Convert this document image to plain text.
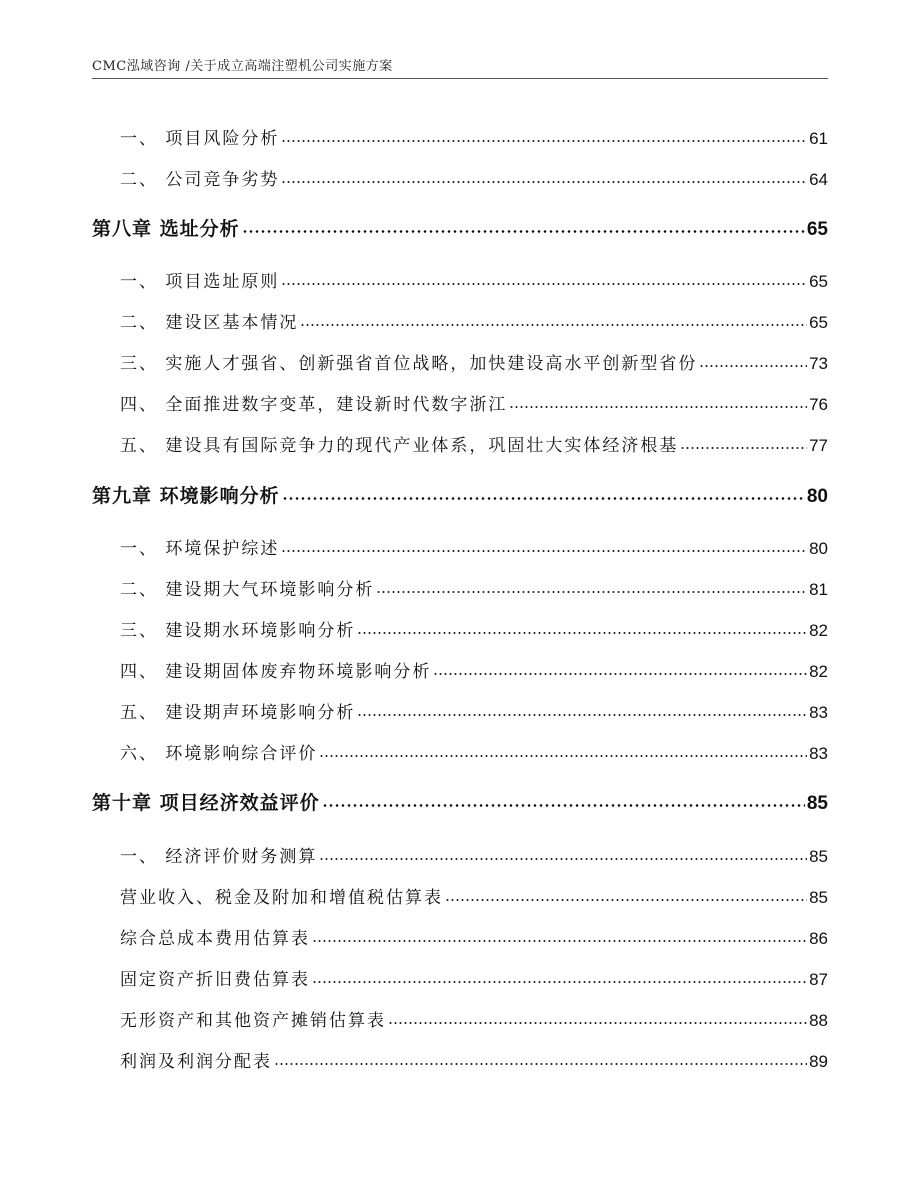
CMC泓域咨询 /关于成立高端注塑机公司实施方案
一、 项目风险分析	61
二、 公司竞争劣势	64
第八章 选址分析	65
一、 项目选址原则	65
二、 建设区基本情况	65
三、 实施人才强省、创新强省首位战略，加快建设高水平创新型省份	73
四、 全面推进数字变革，建设新时代数字浙江	76
五、 建设具有国际竞争力的现代产业体系，巩固壮大实体经济根基	77
第九章 环境影响分析	80
一、 环境保护综述	80
二、 建设期大气环境影响分析	81
三、 建设期水环境影响分析	82
四、 建设期固体废弃物环境影响分析	82
五、 建设期声环境影响分析	83
六、 环境影响综合评价	83
第十章 项目经济效益评价	85
一、 经济评价财务测算	85
营业收入、税金及附加和增值税估算表	85
综合总成本费用估算表	86
固定资产折旧费估算表	87
无形资产和其他资产摊销估算表	88
利润及利润分配表	89
